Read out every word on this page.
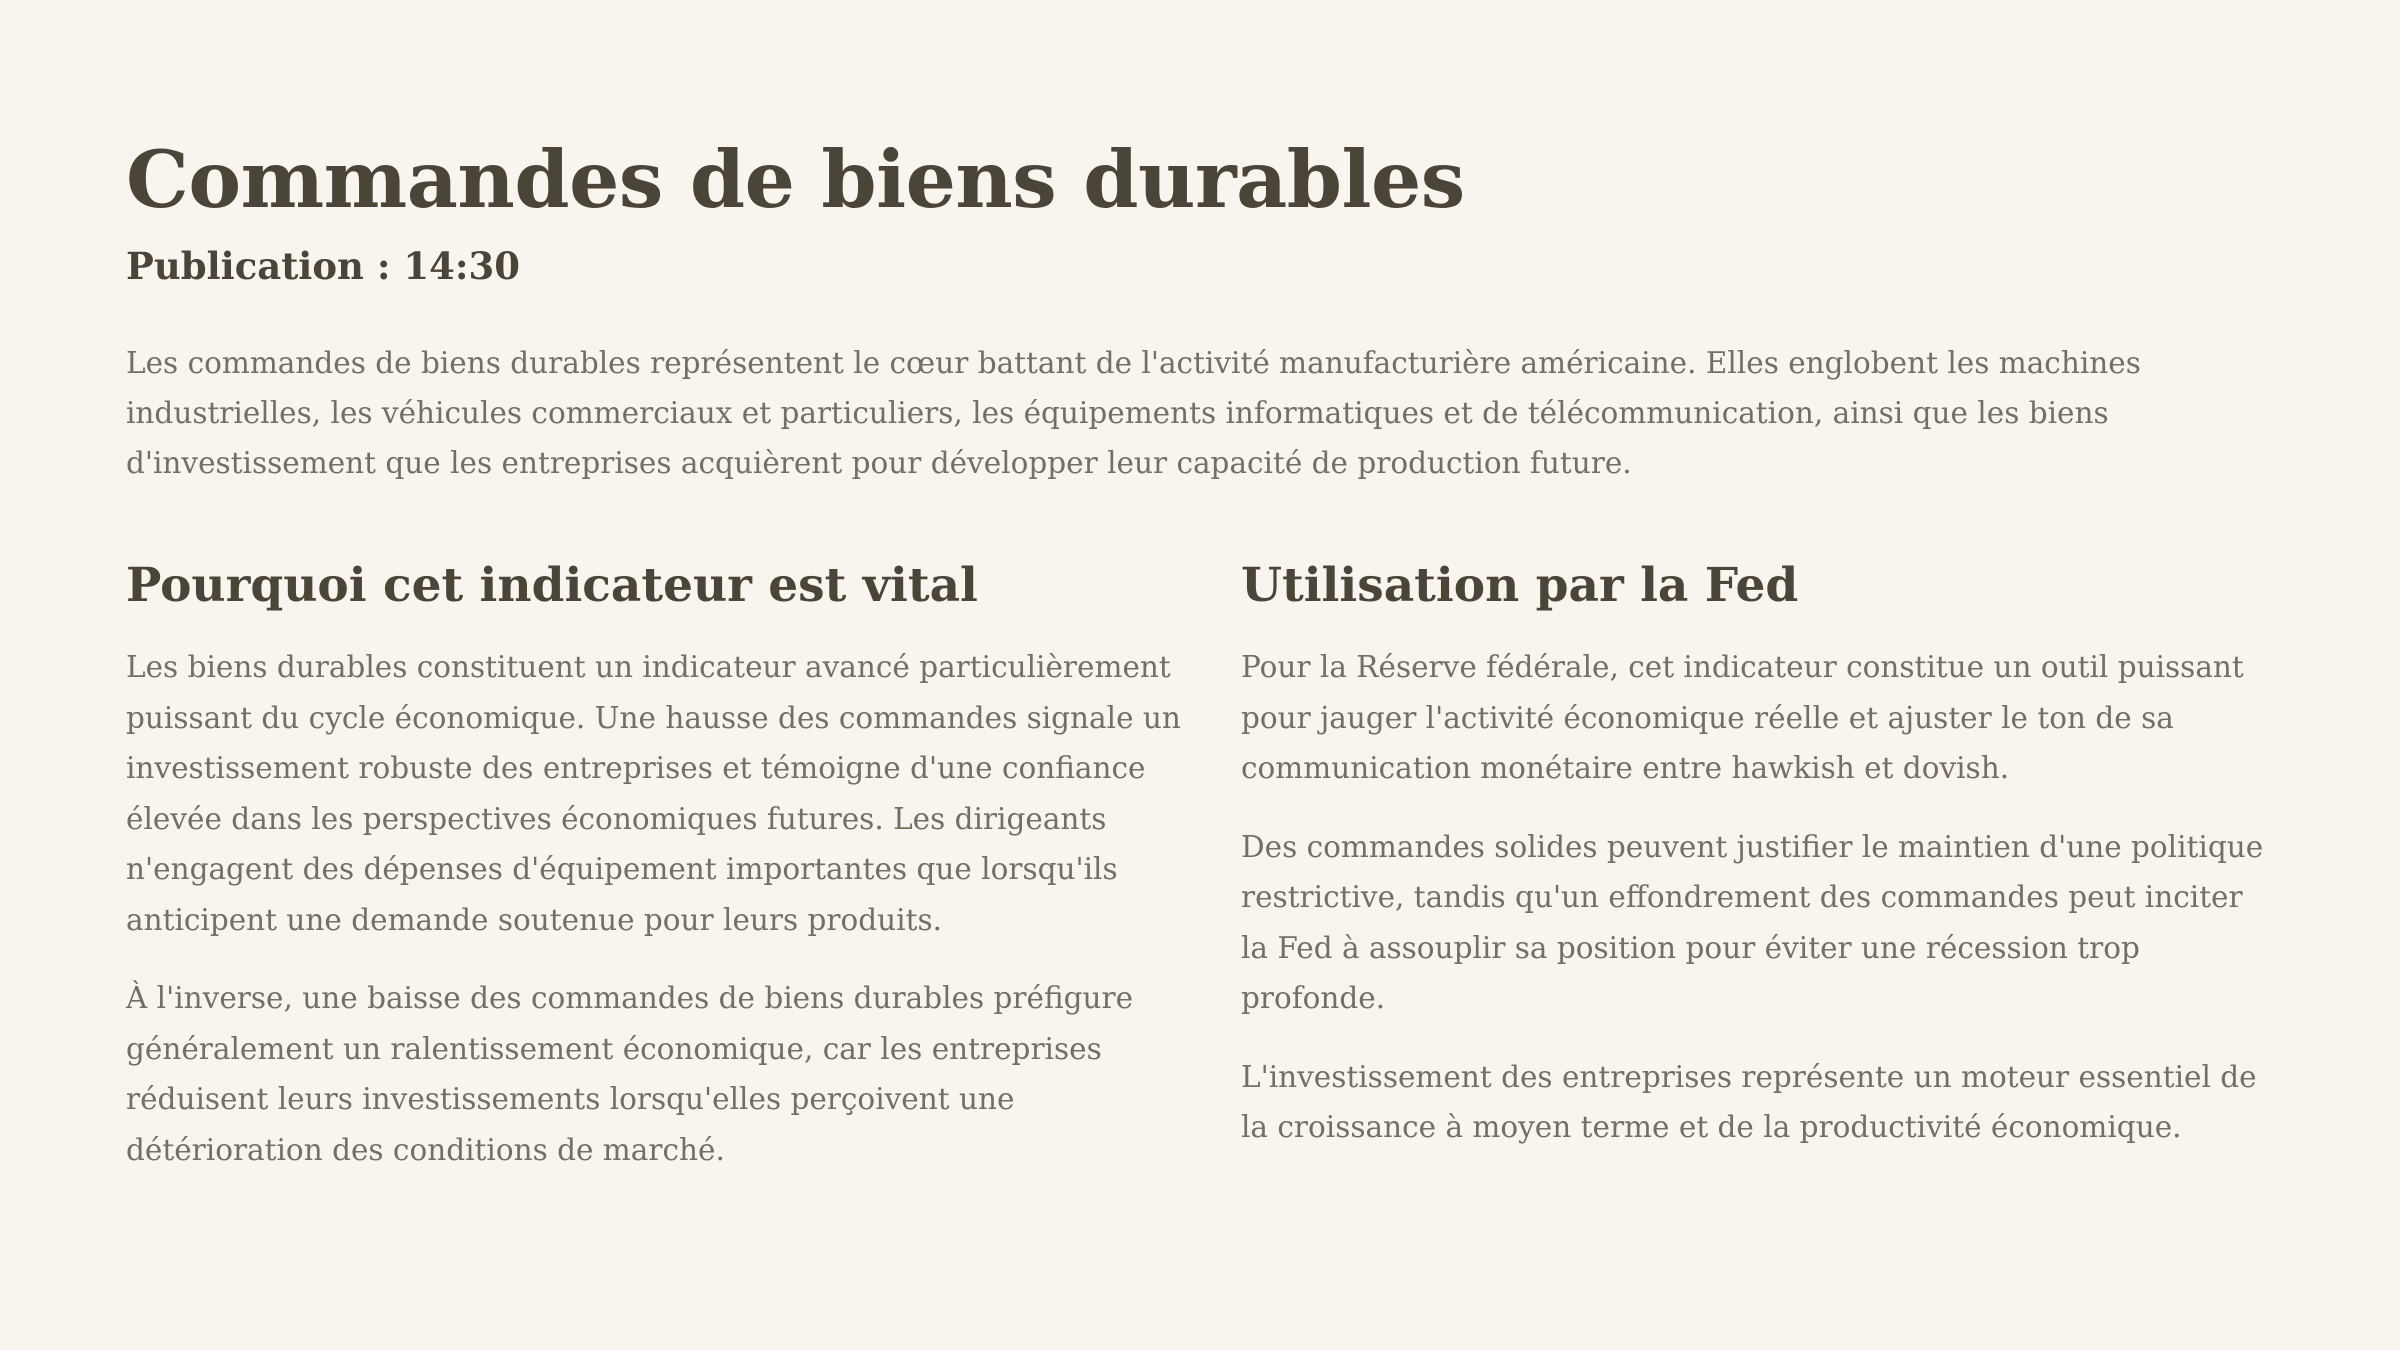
Commandes de biens durables
Publication : 14:30

Les commandes de biens durables représentent le cœur battant de l'activité manufacturière américaine. Elles englobent les machines industrielles, les véhicules commerciaux et particuliers, les équipements informatiques et de télécommunication, ainsi que les biens d'investissement que les entreprises acquièrent pour développer leur capacité de production future.

Pourquoi cet indicateur est vital

Les biens durables constituent un indicateur avancé particulièrement puissant du cycle économique. Une hausse des commandes signale un investissement robuste des entreprises et témoigne d'une confiance élevée dans les perspectives économiques futures. Les dirigeants n'engagent des dépenses d'équipement importantes que lorsqu'ils anticipent une demande soutenue pour leurs produits.

À l'inverse, une baisse des commandes de biens durables préfigure généralement un ralentissement économique, car les entreprises réduisent leurs investissements lorsqu'elles perçoivent une détérioration des conditions de marché.

Utilisation par la Fed

Pour la Réserve fédérale, cet indicateur constitue un outil puissant pour jauger l'activité économique réelle et ajuster le ton de sa communication monétaire entre hawkish et dovish.

Des commandes solides peuvent justifier le maintien d'une politique restrictive, tandis qu'un effondrement des commandes peut inciter la Fed à assouplir sa position pour éviter une récession trop profonde.

L'investissement des entreprises représente un moteur essentiel de la croissance à moyen terme et de la productivité économique.
